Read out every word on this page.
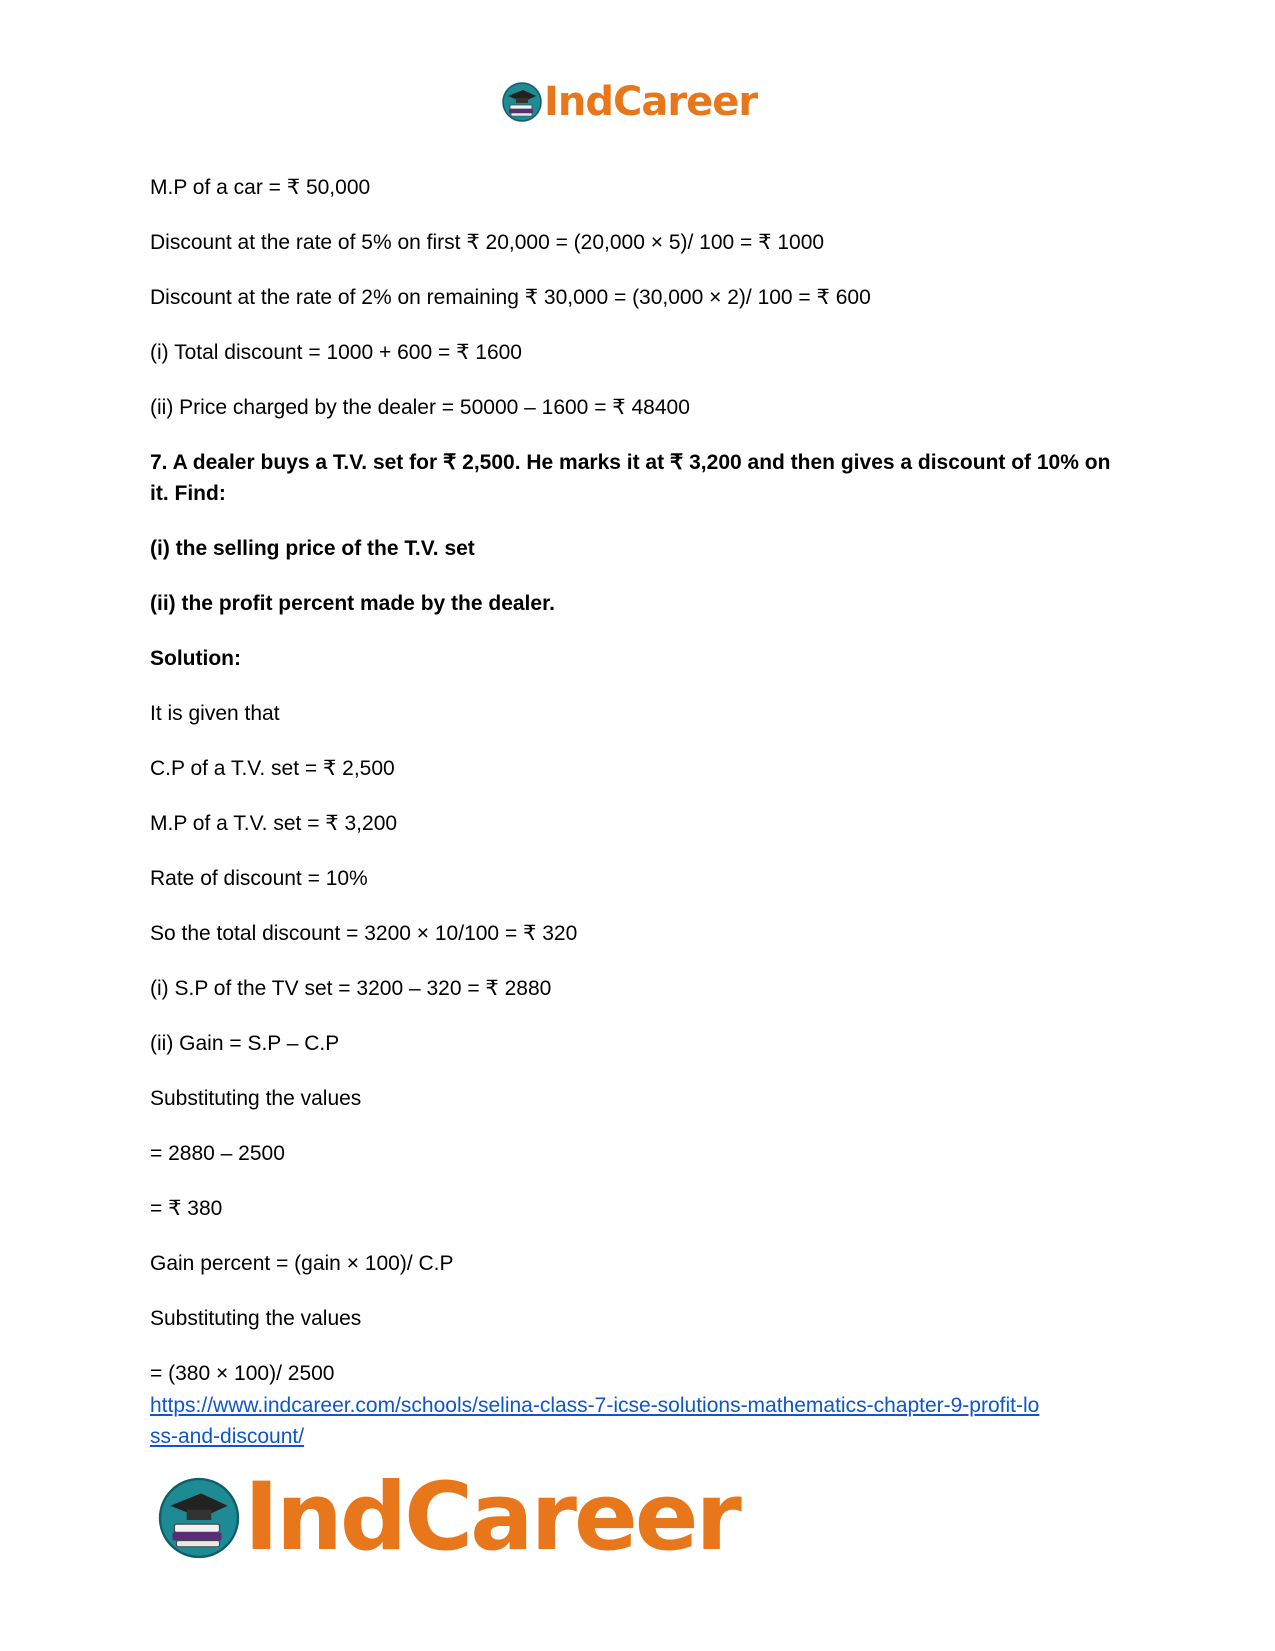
IndCareer

M.P of a car = ₹ 50,000

Discount at the rate of 5% on first ₹ 20,000 = (20,000 × 5)/ 100 = ₹ 1000

Discount at the rate of 2% on remaining ₹ 30,000 = (30,000 × 2)/ 100 = ₹ 600

(i) Total discount = 1000 + 600 = ₹ 1600

(ii) Price charged by the dealer = 50000 – 1600 = ₹ 48400

7. A dealer buys a T.V. set for ₹ 2,500. He marks it at ₹ 3,200 and then gives a discount of 10% on it. Find:

(i) the selling price of the T.V. set

(ii) the profit percent made by the dealer.

Solution:

It is given that

C.P of a T.V. set = ₹ 2,500

M.P of a T.V. set = ₹ 3,200

Rate of discount = 10%

So the total discount = 3200 × 10/100 = ₹ 320

(i) S.P of the TV set = 3200 – 320 = ₹ 2880

(ii) Gain = S.P – C.P

Substituting the values

= 2880 – 2500

= ₹ 380

Gain percent = (gain × 100)/ C.P

Substituting the values

= (380 × 100)/ 2500

https://www.indcareer.com/schools/selina-class-7-icse-solutions-mathematics-chapter-9-profit-lo
ss-and-discount/
IndCareer
